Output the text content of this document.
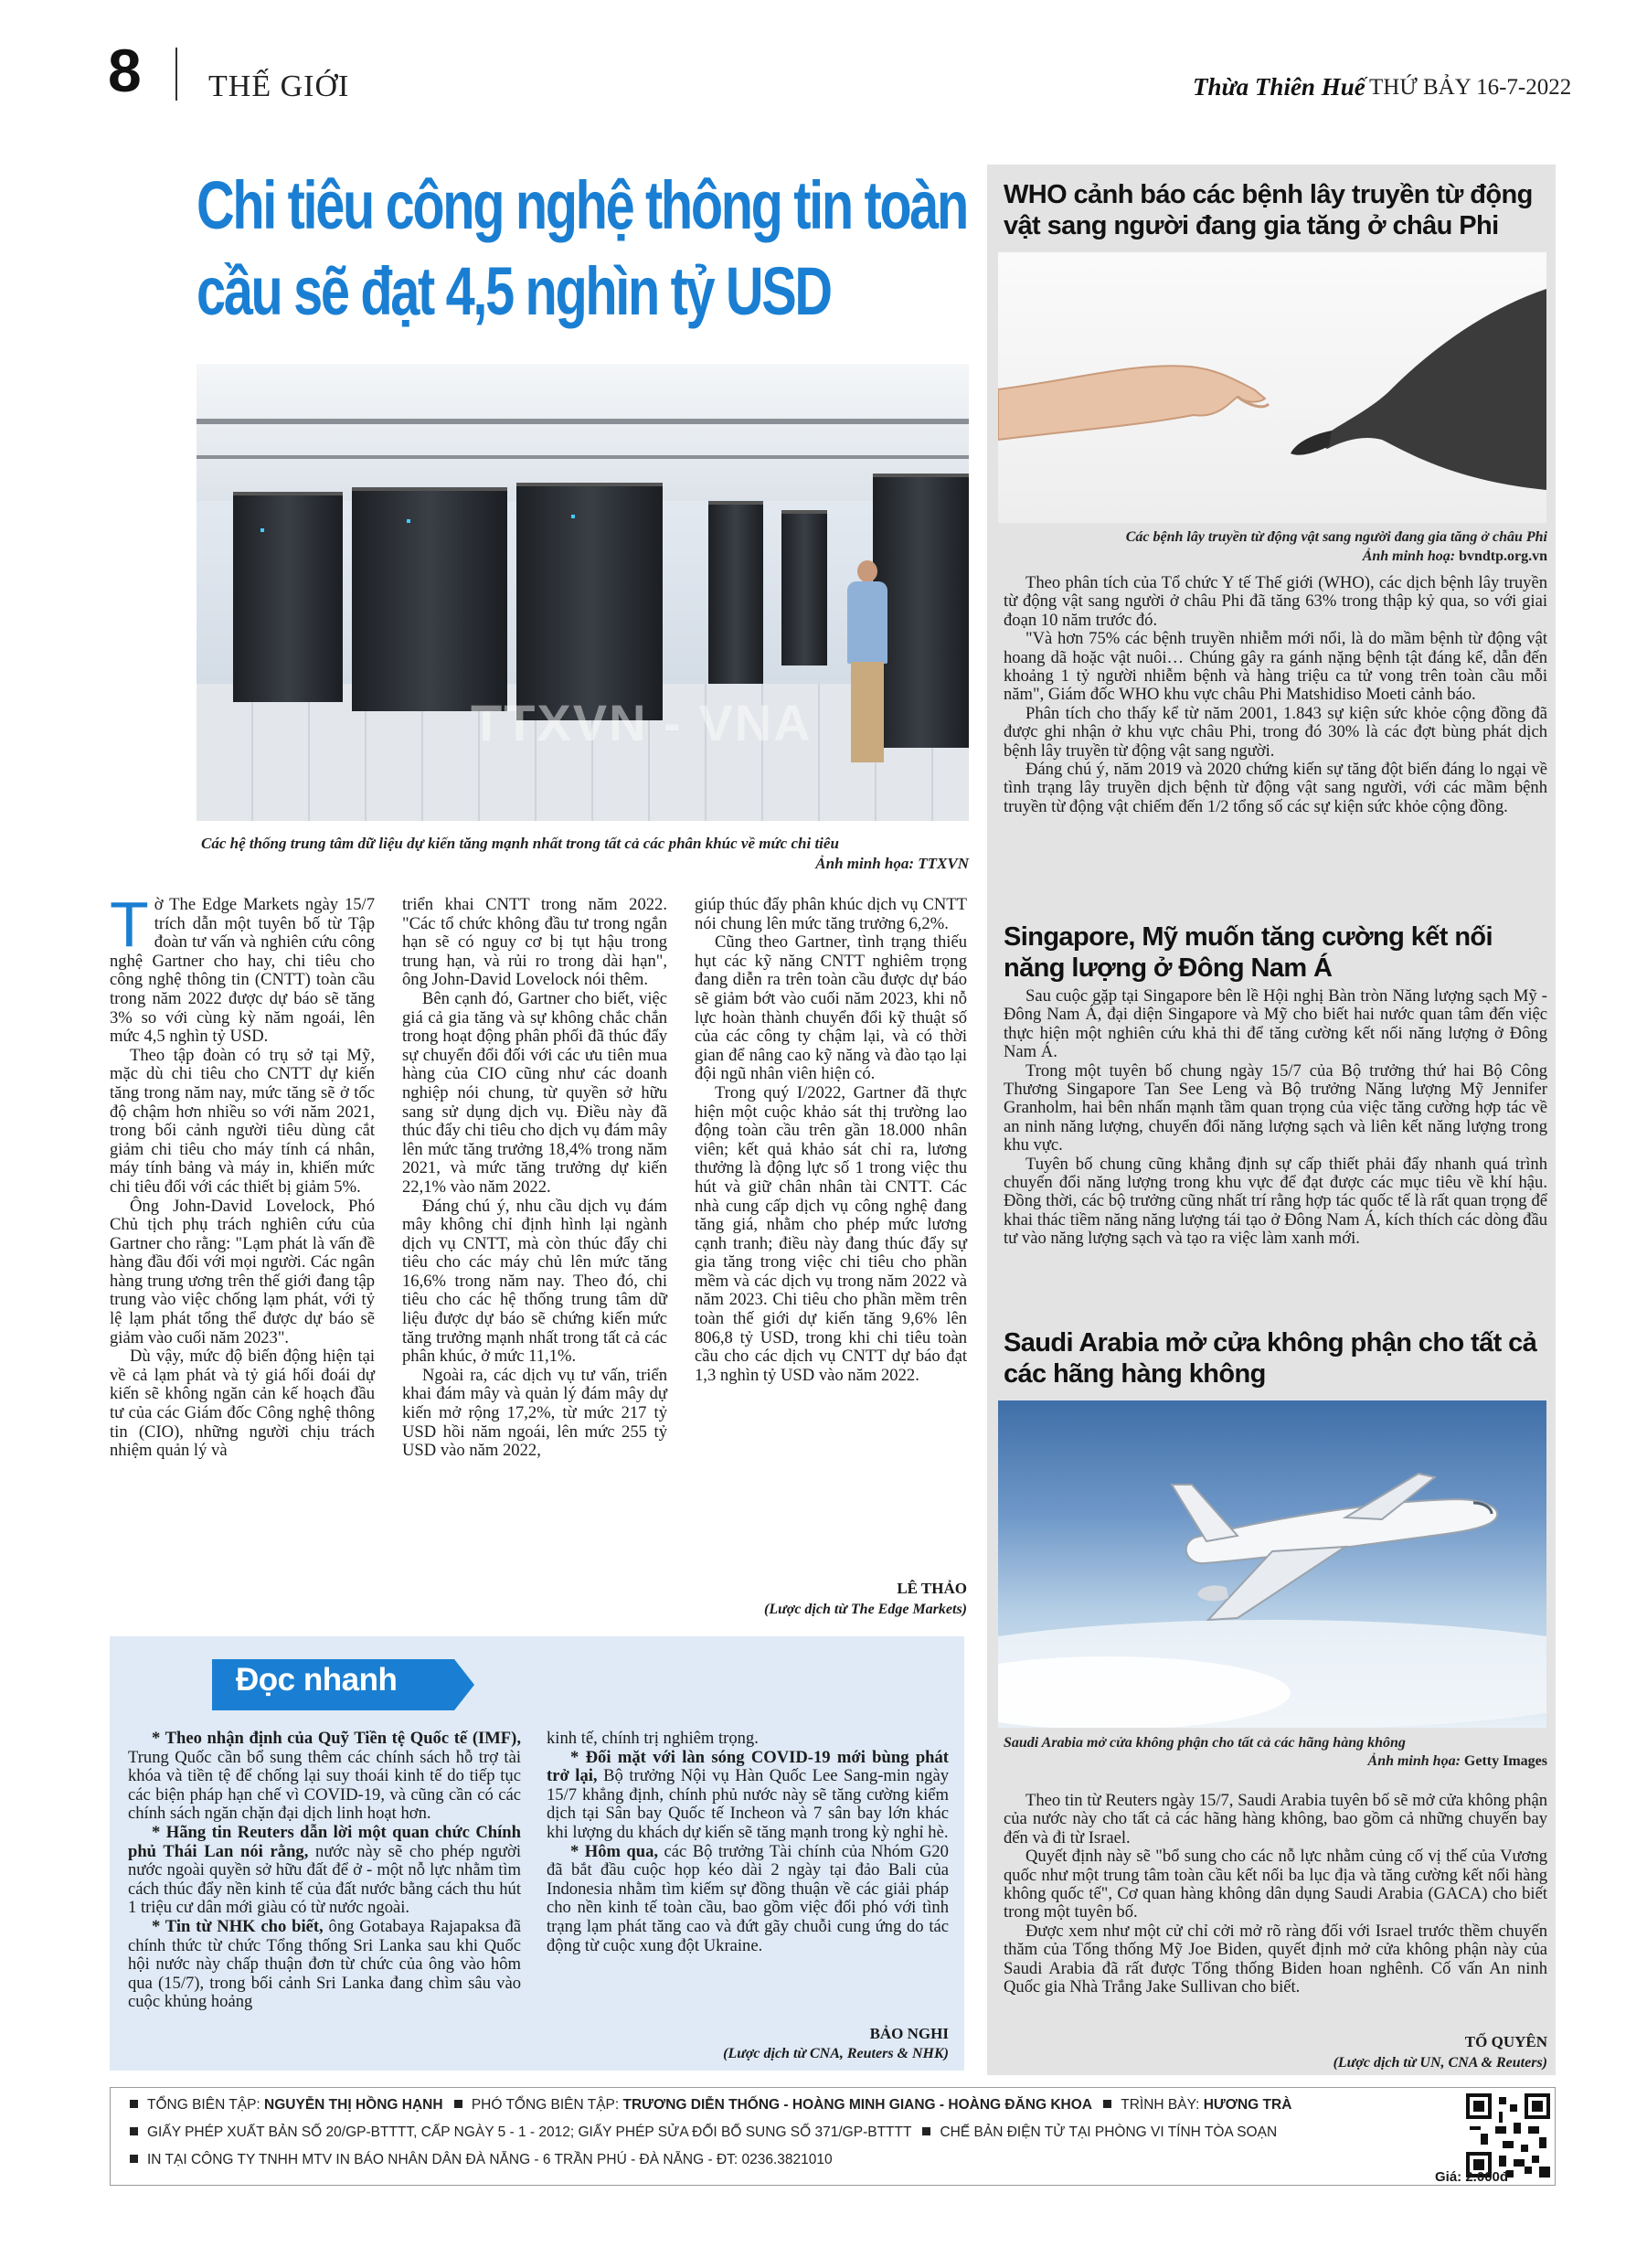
8 THẾ GIỚI	Thừa Thiên Huế THỨ BẢY 16-7-2022
Chi tiêu công nghệ thông tin toàn cầu sẽ đạt 4,5 nghìn tỷ USD
TTXVN - VNA
Các hệ thống trung tâm dữ liệu dự kiến tăng mạnh nhất trong tất cả các phân khúc về mức chi tiêu
Ảnh minh họa: TTXVN

Tờ The Edge Markets ngày 15/7 trích dẫn một tuyên bố từ Tập đoàn tư vấn và nghiên cứu công nghệ Gartner cho hay, chi tiêu cho công nghệ thông tin (CNTT) toàn cầu trong năm 2022 được dự báo sẽ tăng 3% so với cùng kỳ năm ngoái, lên mức 4,5 nghìn tỷ USD.

Theo tập đoàn có trụ sở tại Mỹ, mặc dù chi tiêu cho CNTT dự kiến tăng trong năm nay, mức tăng sẽ ở tốc độ chậm hơn nhiều so với năm 2021, trong bối cảnh người tiêu dùng cắt giảm chi tiêu cho máy tính cá nhân, máy tính bảng và máy in, khiến mức chi tiêu đối với các thiết bị giảm 5%.

Ông John-David Lovelock, Phó Chủ tịch phụ trách nghiên cứu của Gartner cho rằng: "Lạm phát là vấn đề hàng đầu đối với mọi người. Các ngân hàng trung ương trên thế giới đang tập trung vào việc chống lạm phát, với tỷ lệ lạm phát tổng thể được dự báo sẽ giảm vào cuối năm 2023".

Dù vậy, mức độ biến động hiện tại về cả lạm phát và tỷ giá hối đoái dự kiến sẽ không ngăn cản kế hoạch đầu tư của các Giám đốc Công nghệ thông tin (CIO), những người chịu trách nhiệm quản lý và

triển khai CNTT trong năm 2022. "Các tổ chức không đầu tư trong ngắn hạn sẽ có nguy cơ bị tụt hậu trong trung hạn, và rủi ro trong dài hạn", ông John-David Lovelock nói thêm.

Bên cạnh đó, Gartner cho biết, việc giá cả gia tăng và sự không chắc chắn trong hoạt động phân phối đã thúc đẩy sự chuyển đổi đối với các ưu tiên mua hàng của CIO cũng như các doanh nghiệp nói chung, từ quyền sở hữu sang sử dụng dịch vụ. Điều này đã thúc đẩy chi tiêu cho dịch vụ đám mây lên mức tăng trưởng 18,4% trong năm 2021, và mức tăng trưởng dự kiến 22,1% vào năm 2022.

Đáng chú ý, nhu cầu dịch vụ đám mây không chỉ định hình lại ngành dịch vụ CNTT, mà còn thúc đẩy chi tiêu cho các máy chủ lên mức tăng 16,6% trong năm nay. Theo đó, chi tiêu cho các hệ thống trung tâm dữ liệu được dự báo sẽ chứng kiến mức tăng trưởng mạnh nhất trong tất cả các phân khúc, ở mức 11,1%.

Ngoài ra, các dịch vụ tư vấn, triển khai đám mây và quản lý đám mây dự kiến mở rộng 17,2%, từ mức 217 tỷ USD hồi năm ngoái, lên mức 255 tỷ USD vào năm 2022,

giúp thúc đẩy phân khúc dịch vụ CNTT nói chung lên mức tăng trưởng 6,2%.

Cũng theo Gartner, tình trạng thiếu hụt các kỹ năng CNTT nghiêm trọng đang diễn ra trên toàn cầu được dự báo sẽ giảm bớt vào cuối năm 2023, khi nỗ lực hoàn thành chuyển đổi kỹ thuật số của các công ty chậm lại, và có thời gian để nâng cao kỹ năng và đào tạo lại đội ngũ nhân viên hiện có.

Trong quý I/2022, Gartner đã thực hiện một cuộc khảo sát thị trường lao động toàn cầu trên gần 18.000 nhân viên; kết quả khảo sát chỉ ra, lương thưởng là động lực số 1 trong việc thu hút và giữ chân nhân tài CNTT. Các nhà cung cấp dịch vụ công nghệ đang tăng giá, nhằm cho phép mức lương cạnh tranh; điều này đang thúc đẩy sự gia tăng trong việc chi tiêu cho phần mềm và các dịch vụ trong năm 2022 và năm 2023. Chi tiêu cho phần mềm trên toàn thế giới dự kiến tăng 9,6% lên 806,8 tỷ USD, trong khi chi tiêu toàn cầu cho các dịch vụ CNTT dự báo đạt 1,3 nghìn tỷ USD vào năm 2022.

LÊ THẢO
(Lược dịch từ The Edge Markets)
WHO cảnh báo các bệnh lây truyền từ động vật sang người đang gia tăng ở châu Phi
Các bệnh lây truyền từ động vật sang người đang gia tăng ở châu Phi
Ảnh minh hoạ: bvndtp.org.vn

Theo phân tích của Tổ chức Y tế Thế giới (WHO), các dịch bệnh lây truyền từ động vật sang người ở châu Phi đã tăng 63% trong thập kỷ qua, so với giai đoạn 10 năm trước đó.

"Và hơn 75% các bệnh truyền nhiễm mới nổi, là do mầm bệnh từ động vật hoang dã hoặc vật nuôi… Chúng gây ra gánh nặng bệnh tật đáng kể, dẫn đến khoảng 1 tỷ người nhiễm bệnh và hàng triệu ca tử vong trên toàn cầu mỗi năm", Giám đốc WHO khu vực châu Phi Matshidiso Moeti cảnh báo.

Phân tích cho thấy kể từ năm 2001, 1.843 sự kiện sức khỏe cộng đồng đã được ghi nhận ở khu vực châu Phi, trong đó 30% là các đợt bùng phát dịch bệnh lây truyền từ động vật sang người.

Đáng chú ý, năm 2019 và 2020 chứng kiến sự tăng đột biến đáng lo ngại về tình trạng lây truyền dịch bệnh từ động vật sang người, với các mầm bệnh truyền từ động vật chiếm đến 1/2 tổng số các sự kiện sức khỏe cộng đồng.

Singapore, Mỹ muốn tăng cường kết nối năng lượng ở Đông Nam Á

Sau cuộc gặp tại Singapore bên lề Hội nghị Bàn tròn Năng lượng sạch Mỹ - Đông Nam Á, đại diện Singapore và Mỹ cho biết hai nước quan tâm đến việc thực hiện một nghiên cứu khả thi để tăng cường kết nối năng lượng ở Đông Nam Á.

Trong một tuyên bố chung ngày 15/7 của Bộ trưởng thứ hai Bộ Công Thương Singapore Tan See Leng và Bộ trưởng Năng lượng Mỹ Jennifer Granholm, hai bên nhấn mạnh tầm quan trọng của việc tăng cường hợp tác về an ninh năng lượng, chuyển đổi năng lượng sạch và liên kết năng lượng trong khu vực.

Tuyên bố chung cũng khẳng định sự cấp thiết phải đẩy nhanh quá trình chuyển đổi năng lượng trong khu vực để đạt được các mục tiêu về khí hậu. Đồng thời, các bộ trưởng cũng nhất trí rằng hợp tác quốc tế là rất quan trọng để khai thác tiềm năng năng lượng tái tạo ở Đông Nam Á, kích thích các dòng đầu tư vào năng lượng sạch và tạo ra việc làm xanh mới.

Saudi Arabia mở cửa không phận cho tất cả các hãng hàng không
Saudi Arabia mở cửa không phận cho tất cả các hãng hàng không
Ảnh minh họa: Getty Images

Theo tin từ Reuters ngày 15/7, Saudi Arabia tuyên bố sẽ mở cửa không phận của nước này cho tất cả các hãng hàng không, bao gồm cả những chuyến bay đến và đi từ Israel.

Quyết định này sẽ "bổ sung cho các nỗ lực nhằm củng cố vị thế của Vương quốc như một trung tâm toàn cầu kết nối ba lục địa và tăng cường kết nối hàng không quốc tế", Cơ quan hàng không dân dụng Saudi Arabia (GACA) cho biết trong một tuyên bố.

Được xem như một cử chỉ cởi mở rõ ràng đối với Israel trước thềm chuyến thăm của Tổng thống Mỹ Joe Biden, quyết định mở cửa không phận này của Saudi Arabia đã rất được Tổng thống Biden hoan nghênh. Cố vấn An ninh Quốc gia Nhà Trắng Jake Sullivan cho biết.

TỐ QUYÊN
(Lược dịch từ UN, CNA & Reuters)
Đọc nhanh

* Theo nhận định của Quỹ Tiền tệ Quốc tế (IMF), Trung Quốc cần bổ sung thêm các chính sách hỗ trợ tài khóa và tiền tệ để chống lại suy thoái kinh tế do tiếp tục các biện pháp hạn chế vì COVID-19, và cũng cần có các chính sách ngăn chặn đại dịch linh hoạt hơn.

* Hãng tin Reuters dẫn lời một quan chức Chính phủ Thái Lan nói rằng, nước này sẽ cho phép người nước ngoài quyền sở hữu đất để ở - một nỗ lực nhằm tìm cách thúc đẩy nền kinh tế của đất nước bằng cách thu hút 1 triệu cư dân mới giàu có từ nước ngoài.

* Tin từ NHK cho biết, ông Gotabaya Rajapaksa đã chính thức từ chức Tổng thống Sri Lanka sau khi Quốc hội nước này chấp thuận đơn từ chức của ông vào hôm qua (15/7), trong bối cảnh Sri Lanka đang chìm sâu vào cuộc khủng hoảng

kinh tế, chính trị nghiêm trọng.

* Đối mặt với làn sóng COVID-19 mới bùng phát trở lại, Bộ trưởng Nội vụ Hàn Quốc Lee Sang-min ngày 15/7 khẳng định, chính phủ nước này sẽ tăng cường kiểm dịch tại Sân bay Quốc tế Incheon và 7 sân bay lớn khác khi lượng du khách dự kiến sẽ tăng mạnh trong kỳ nghỉ hè.

* Hôm qua, các Bộ trưởng Tài chính của Nhóm G20 đã bắt đầu cuộc họp kéo dài 2 ngày tại đảo Bali của Indonesia nhằm tìm kiếm sự đồng thuận về các giải pháp cho nền kinh tế toàn cầu, bao gồm việc đối phó với tình trạng lạm phát tăng cao và đứt gãy chuỗi cung ứng do tác động từ cuộc xung đột Ukraine.

BẢO NGHI
(Lược dịch từ CNA, Reuters & NHK)
TỔNG BIÊN TẬP: NGUYỄN THỊ HỒNG HẠNH PHÓ TỔNG BIÊN TẬP: TRƯƠNG DIỄN THỐNG - HOÀNG MINH GIANG - HOÀNG ĐĂNG KHOA TRÌNH BÀY: HƯƠNG TRÀ
GIẤY PHÉP XUẤT BẢN SỐ 20/GP-BTTTT, CẤP NGÀY 5 - 1 - 2012; GIẤY PHÉP SỬA ĐỔI BỔ SUNG SỐ 371/GP-BTTTT CHẾ BẢN ĐIỆN TỬ TẠI PHÒNG VI TÍNH TÒA SOẠN
IN TẠI CÔNG TY TNHH MTV IN BÁO NHÂN DÂN ĐÀ NẴNG - 6 TRẦN PHÚ - ĐÀ NẴNG - ĐT: 0236.3821010
Giá: 2.000đ
